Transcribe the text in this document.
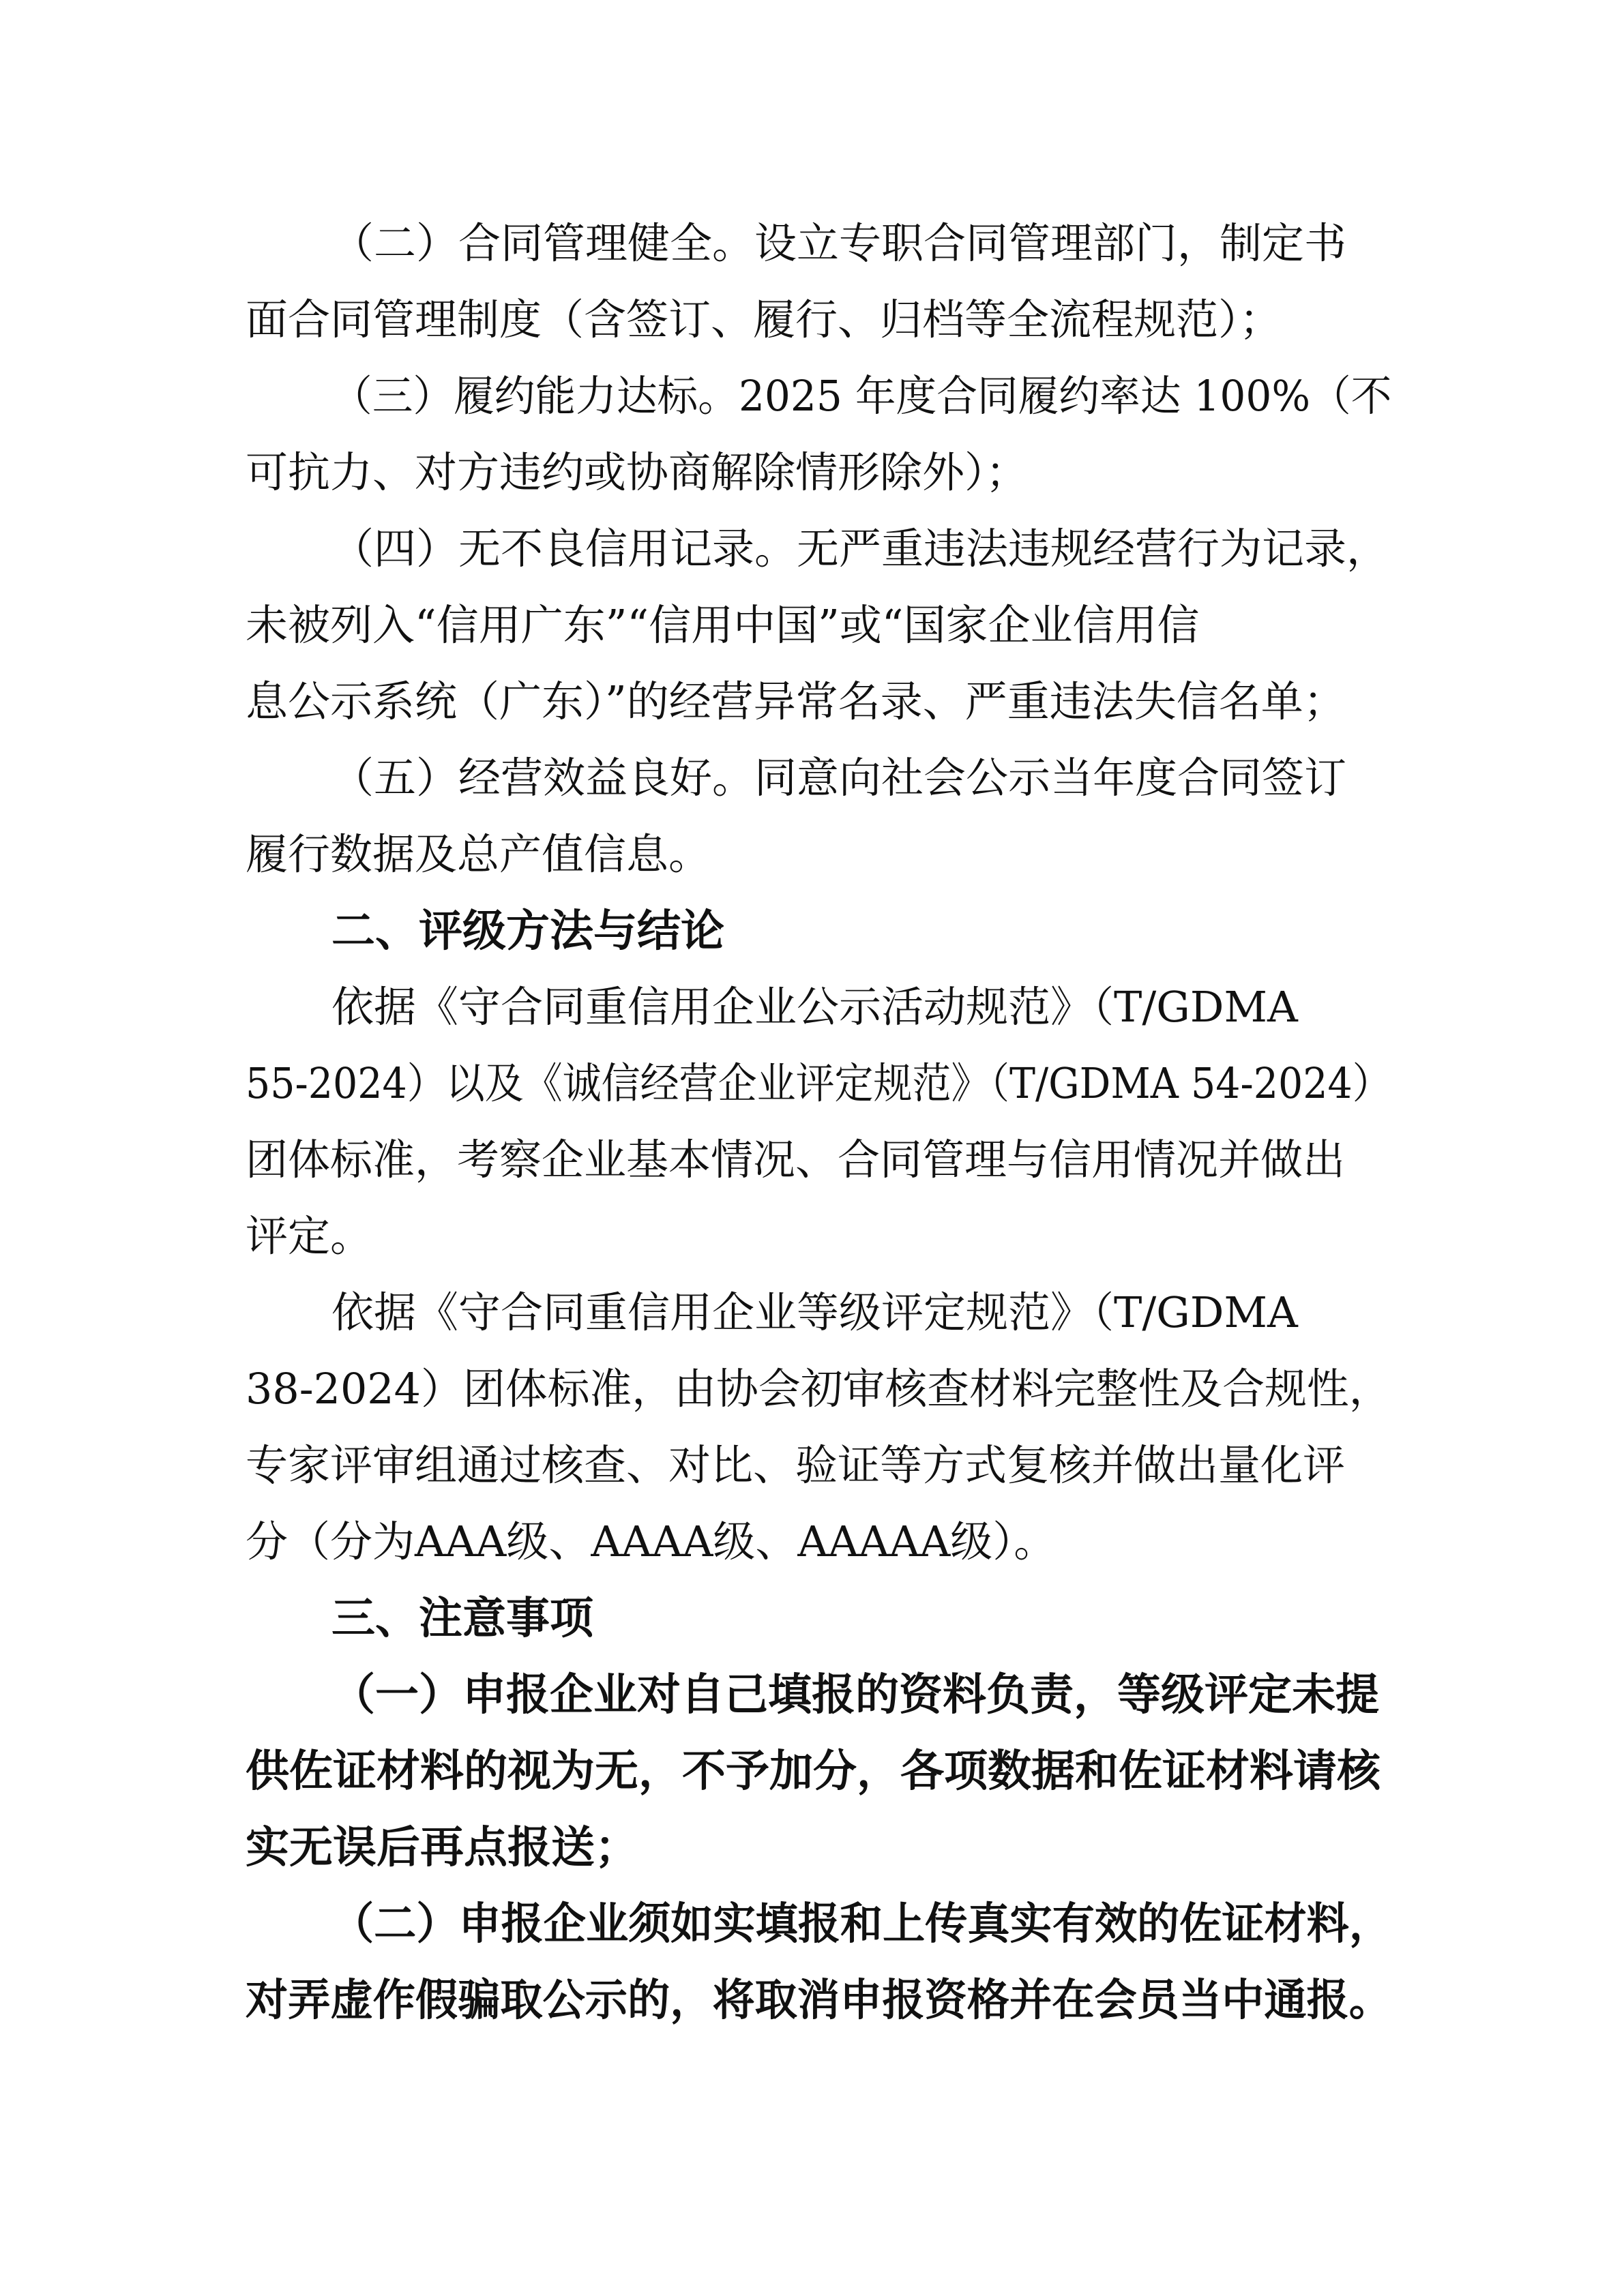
（二）合同管理健全。设立专职合同管理部门，制定书
面合同管理制度（含签订、履行、归档等全流程规范）；
（三）履约能力达标。2025 年度合同履约率达 100%（不
可抗力、对方违约或协商解除情形除外）；
（四）无不良信用记录。无严重违法违规经营行为记录，
未被列入“信用广东”“信用中国”或“国家企业信用信
息公示系统（广东）”的经营异常名录、严重违法失信名单；
（五）经营效益良好。同意向社会公示当年度合同签订
履行数据及总产值信息。
二、评级方法与结论
依据《守合同重信用企业公示活动规范》（T/GDMA
55-2024）以及《诚信经营企业评定规范》（T/GDMA 54-2024）
团体标准，考察企业基本情况、合同管理与信用情况并做出
评定。
依据《守合同重信用企业等级评定规范》（T/GDMA
38-2024）团体标准，由协会初审核查材料完整性及合规性，
专家评审组通过核查、对比、验证等方式复核并做出量化评
分（分为AAA级、AAAA级、AAAAA级）。
三、注意事项
（一）申报企业对自己填报的资料负责，等级评定未提
供佐证材料的视为无，不予加分，各项数据和佐证材料请核
实无误后再点报送；
（二）申报企业须如实填报和上传真实有效的佐证材料，
对弄虚作假骗取公示的，将取消申报资格并在会员当中通报。
